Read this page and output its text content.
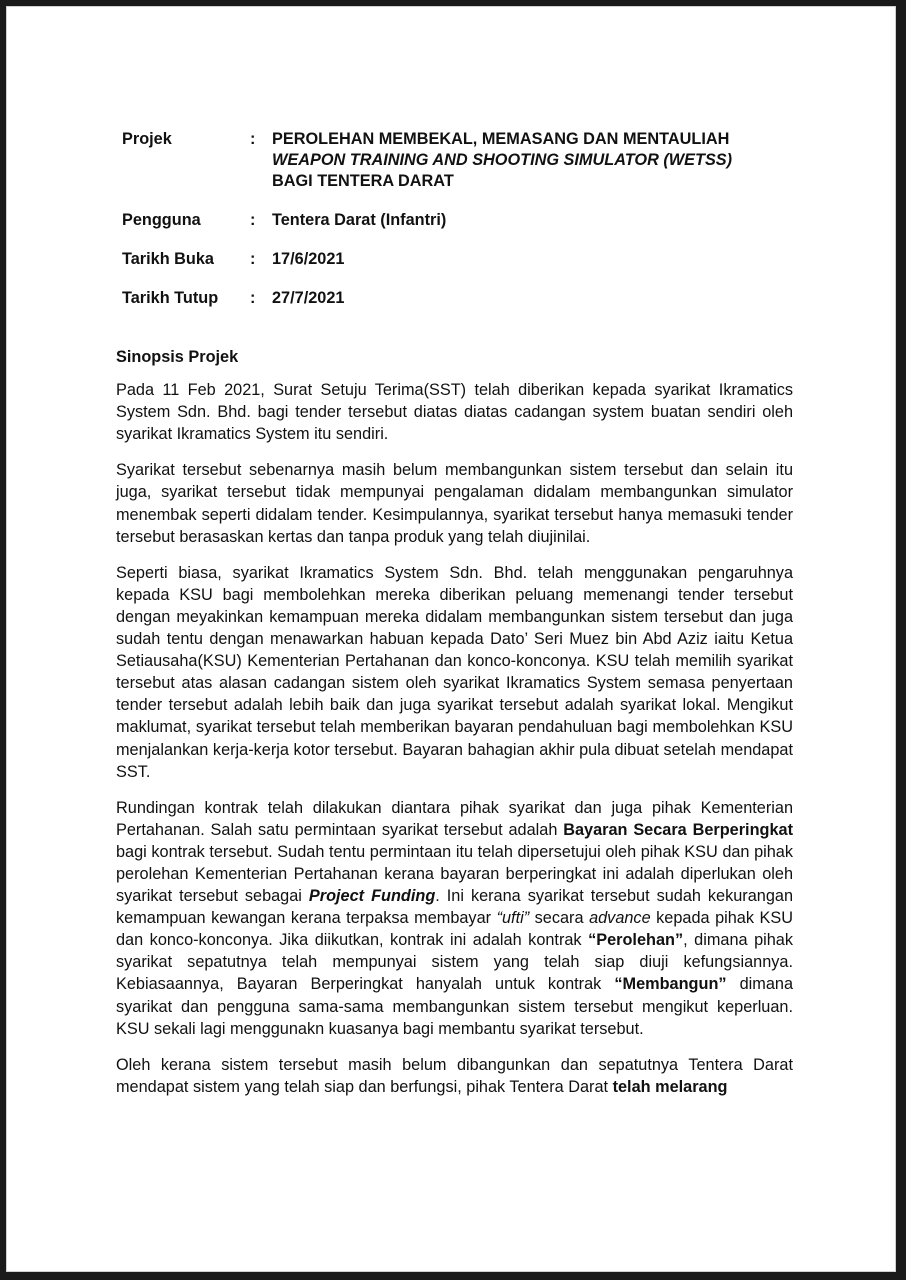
Projek	:	PEROLEHAN MEMBEKAL, MEMASANG DAN MENTAULIAH
WEAPON TRAINING AND SHOOTING SIMULATOR (WETSS)
BAGI TENTERA DARAT
Pengguna	:	Tentera Darat (Infantri)
Tarikh Buka	:	17/6/2021
Tarikh Tutup	:	27/7/2021
Sinopsis Projek

Pada 11 Feb 2021, Surat Setuju Terima(SST) telah diberikan kepada syarikat Ikramatics System Sdn. Bhd. bagi tender tersebut diatas diatas cadangan system buatan sendiri oleh syarikat Ikramatics System itu sendiri.

Syarikat tersebut sebenarnya masih belum membangunkan sistem tersebut dan selain itu juga, syarikat tersebut tidak mempunyai pengalaman didalam membangunkan simulator menembak seperti didalam tender. Kesimpulannya, syarikat tersebut hanya memasuki tender tersebut berasaskan kertas dan tanpa produk yang telah diujinilai.

Seperti biasa, syarikat Ikramatics System Sdn. Bhd. telah menggunakan pengaruhnya kepada KSU bagi membolehkan mereka diberikan peluang memenangi tender tersebut dengan meyakinkan kemampuan mereka didalam membangunkan sistem tersebut dan juga sudah tentu dengan menawarkan habuan kepada Dato’ Seri Muez bin Abd Aziz iaitu Ketua Setiausaha(KSU) Kementerian Pertahanan dan konco-konconya. KSU telah memilih syarikat tersebut atas alasan cadangan sistem oleh syarikat Ikramatics System semasa penyertaan tender tersebut adalah lebih baik dan juga syarikat tersebut adalah syarikat lokal. Mengikut maklumat, syarikat tersebut telah memberikan bayaran pendahuluan bagi membolehkan KSU menjalankan kerja-kerja kotor tersebut. Bayaran bahagian akhir pula dibuat setelah mendapat SST.

Rundingan kontrak telah dilakukan diantara pihak syarikat dan juga pihak Kementerian Pertahanan. Salah satu permintaan syarikat tersebut adalah Bayaran Secara Berperingkat bagi kontrak tersebut. Sudah tentu permintaan itu telah dipersetujui oleh pihak KSU dan pihak perolehan Kementerian Pertahanan kerana bayaran berperingkat ini adalah diperlukan oleh syarikat tersebut sebagai Project Funding. Ini kerana syarikat tersebut sudah kekurangan kemampuan kewangan kerana terpaksa membayar “ufti” secara advance kepada pihak KSU dan konco-konconya. Jika diikutkan, kontrak ini adalah kontrak “Perolehan”, dimana pihak syarikat sepatutnya telah mempunyai sistem yang telah siap diuji kefungsiannya. Kebiasaannya, Bayaran Berperingkat hanyalah untuk kontrak “Membangun” dimana syarikat dan pengguna sama-sama membangunkan sistem tersebut mengikut keperluan. KSU sekali lagi menggunakn kuasanya bagi membantu syarikat tersebut.

Oleh kerana sistem tersebut masih belum dibangunkan dan sepatutnya Tentera Darat mendapat sistem yang telah siap dan berfungsi, pihak Tentera Darat telah melarang
